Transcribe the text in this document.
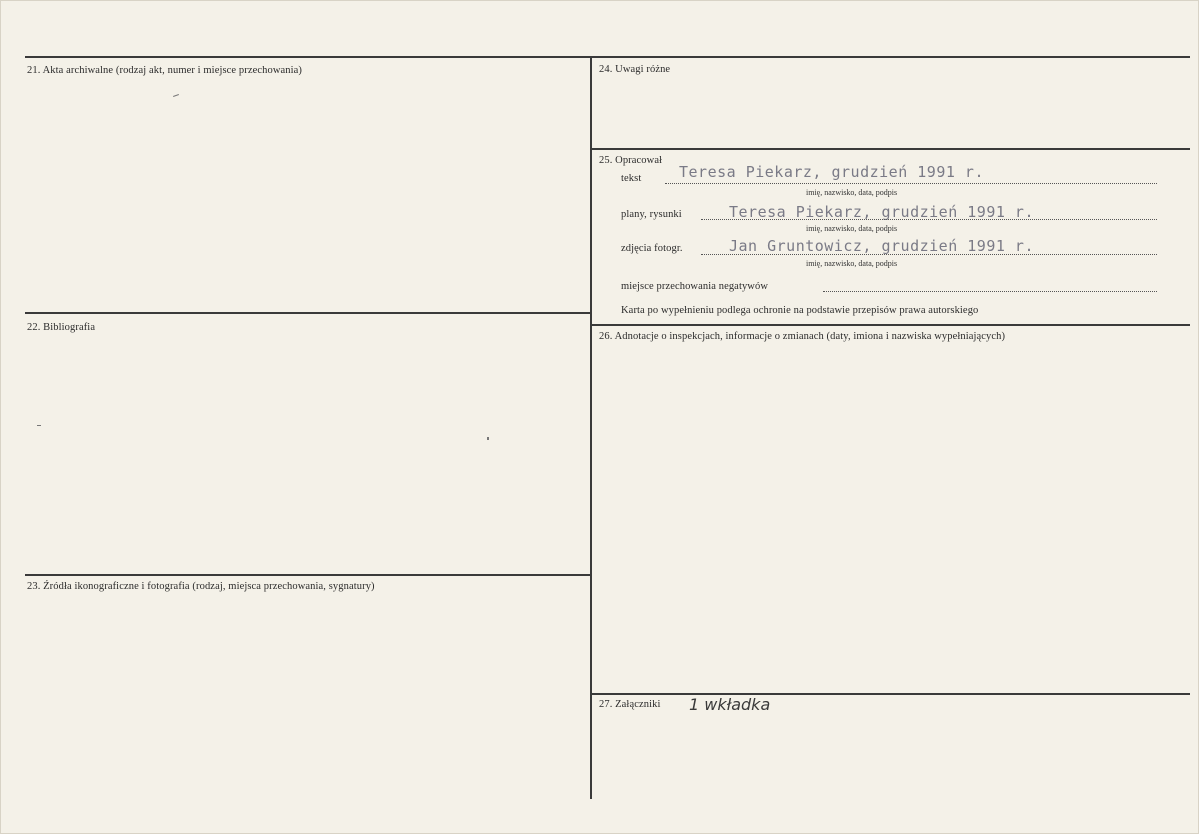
21. Akta archiwalne (rodzaj akt, numer i miejsce przechowania)
22. Bibliografia
23. Źródła ikonograficzne i fotografia (rodzaj, miejsca przechowania, sygnatury)
24. Uwagi różne
25. Opracował
tekst	Teresa Piekarz, grudzień 1991 r.
imię, nazwisko, data, podpis
plany, rysunki	Teresa Piekarz, grudzień 1991 r.
imię, nazwisko, data, podpis
zdjęcia fotogr.	Jan Gruntowicz, grudzień 1991 r.
imię, nazwisko, data, podpis
miejsce przechowania negatywów
Karta po wypełnieniu podlega ochronie na podstawie przepisów prawa autorskiego
26. Adnotacje o inspekcjach, informacje o zmianach (daty, imiona i nazwiska wypełniających)
27. Załączniki 1 wkładka
